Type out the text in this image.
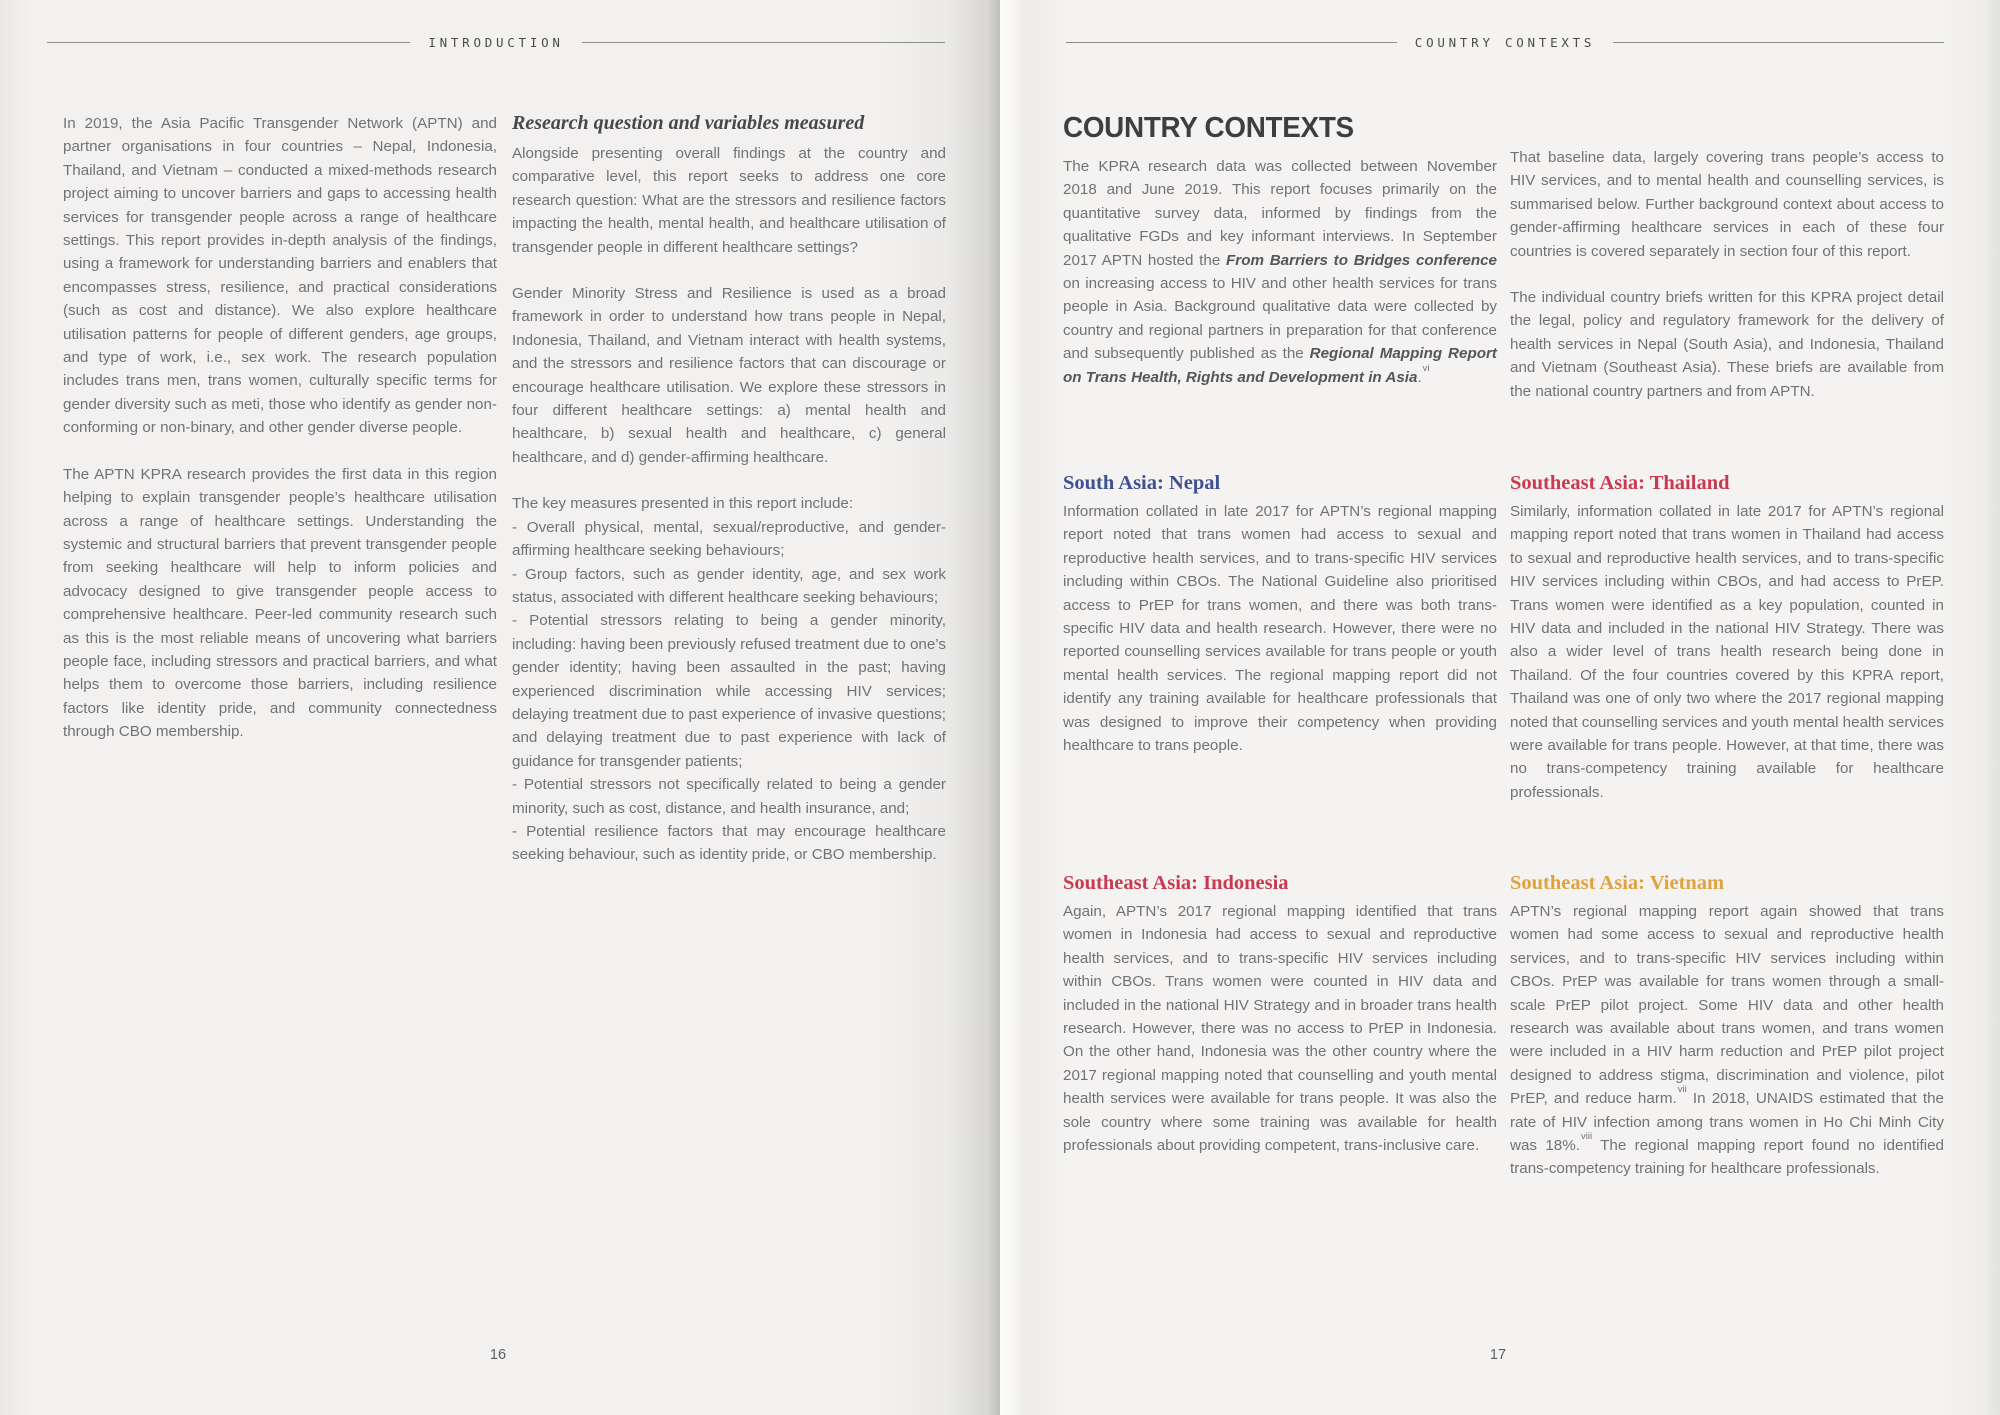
INTRODUCTION

In 2019, the Asia Pacific Transgender Network (APTN) and partner organisations in four countries – Nepal, Indonesia, Thailand, and Vietnam – conducted a mixed-methods research project aiming to uncover barriers and gaps to accessing health services for transgender people across a range of healthcare settings. This report provides in-depth analysis of the findings, using a framework for understanding barriers and enablers that encompasses stress, resilience, and practical considerations (such as cost and distance). We also explore healthcare utilisation patterns for people of different genders, age groups, and type of work, i.e., sex work. The research population includes trans men, trans women, culturally specific terms for gender diversity such as meti, those who identify as gender non-conforming or non-binary, and other gender diverse people.

The APTN KPRA research provides the first data in this region helping to explain transgender people’s healthcare utilisation across a range of healthcare settings. Understanding the systemic and structural barriers that prevent transgender people from seeking healthcare will help to inform policies and advocacy designed to give transgender people access to comprehensive healthcare. Peer-led community research such as this is the most reliable means of uncovering what barriers people face, including stressors and practical barriers, and what helps them to overcome those barriers, including resilience factors like identity pride, and community connectedness through CBO membership.

Research question and variables measured

Alongside presenting overall findings at the country and comparative level, this report seeks to address one core research question: What are the stressors and resilience factors impacting the health, mental health, and healthcare utilisation of transgender people in different healthcare settings?

Gender Minority Stress and Resilience is used as a broad framework in order to understand how trans people in Nepal, Indonesia, Thailand, and Vietnam interact with health systems, and the stressors and resilience factors that can discourage or encourage healthcare utilisation. We explore these stressors in four different healthcare settings: a) mental health and healthcare, b) sexual health and healthcare, c) general healthcare, and d) gender-affirming healthcare.

The key measures presented in this report include:

- Overall physical, mental, sexual/reproductive, and gender-affirming healthcare seeking behaviours;

- Group factors, such as gender identity, age, and sex work status, associated with different healthcare seeking behaviours;

- Potential stressors relating to being a gender minority, including: having been previously refused treatment due to one’s gender identity; having been assaulted in the past; having experienced discrimination while accessing HIV services; delaying treatment due to past experience of invasive questions; and delaying treatment due to past experience with lack of guidance for transgender patients;

- Potential stressors not specifically related to being a gender minority, such as cost, distance, and health insurance, and;

- Potential resilience factors that may encourage healthcare seeking behaviour, such as identity pride, or CBO membership.

16
COUNTRY CONTEXTS
COUNTRY CONTEXTS

The KPRA research data was collected between November 2018 and June 2019. This report focuses primarily on the quantitative survey data, informed by findings from the qualitative FGDs and key informant interviews. In September 2017 APTN hosted the From Barriers to Bridges conference on increasing access to HIV and other health services for trans people in Asia. Background qualitative data were collected by country and regional partners in preparation for that conference and subsequently published as the Regional Mapping Report on Trans Health, Rights and Development in Asia.$^{vi}$

South Asia: Nepal

Information collated in late 2017 for APTN’s regional mapping report noted that trans women had access to sexual and reproductive health services, and to trans-specific HIV services including within CBOs. The National Guideline also prioritised access to PrEP for trans women, and there was both trans-specific HIV data and health research. However, there were no reported counselling services available for trans people or youth mental health services. The regional mapping report did not identify any training available for healthcare professionals that was designed to improve their competency when providing healthcare to trans people.

Southeast Asia: Indonesia

Again, APTN’s 2017 regional mapping identified that trans women in Indonesia had access to sexual and reproductive health services, and to trans-specific HIV services including within CBOs. Trans women were counted in HIV data and included in the national HIV Strategy and in broader trans health research. However, there was no access to PrEP in Indonesia. On the other hand, Indonesia was the other country where the 2017 regional mapping noted that counselling and youth mental health services were available for trans people. It was also the sole country where some training was available for health professionals about providing competent, trans-inclusive care.

That baseline data, largely covering trans people’s access to HIV services, and to mental health and counselling services, is summarised below. Further background context about access to gender-affirming healthcare services in each of these four countries is covered separately in section four of this report.

The individual country briefs written for this KPRA project detail the legal, policy and regulatory framework for the delivery of health services in Nepal (South Asia), and Indonesia, Thailand and Vietnam (Southeast Asia). These briefs are available from the national country partners and from APTN.

Southeast Asia: Thailand

Similarly, information collated in late 2017 for APTN’s regional mapping report noted that trans women in Thailand had access to sexual and reproductive health services, and to trans-specific HIV services including within CBOs, and had access to PrEP. Trans women were identified as a key population, counted in HIV data and included in the national HIV Strategy. There was also a wider level of trans health research being done in Thailand. Of the four countries covered by this KPRA report, Thailand was one of only two where the 2017 regional mapping noted that counselling services and youth mental health services were available for trans people. However, at that time, there was no trans-competency training available for healthcare professionals.

Southeast Asia: Vietnam

APTN’s regional mapping report again showed that trans women had some access to sexual and reproductive health services, and to trans-specific HIV services including within CBOs. PrEP was available for trans women through a small-scale PrEP pilot project. Some HIV data and other health research was available about trans women, and trans women were included in a HIV harm reduction and PrEP pilot project designed to address stigma, discrimination and violence, pilot PrEP, and reduce harm.$^{vii}$ In 2018, UNAIDS estimated that the rate of HIV infection among trans women in Ho Chi Minh City was 18%.$^{viii}$ The regional mapping report found no identified trans-competency training for healthcare professionals.

17
